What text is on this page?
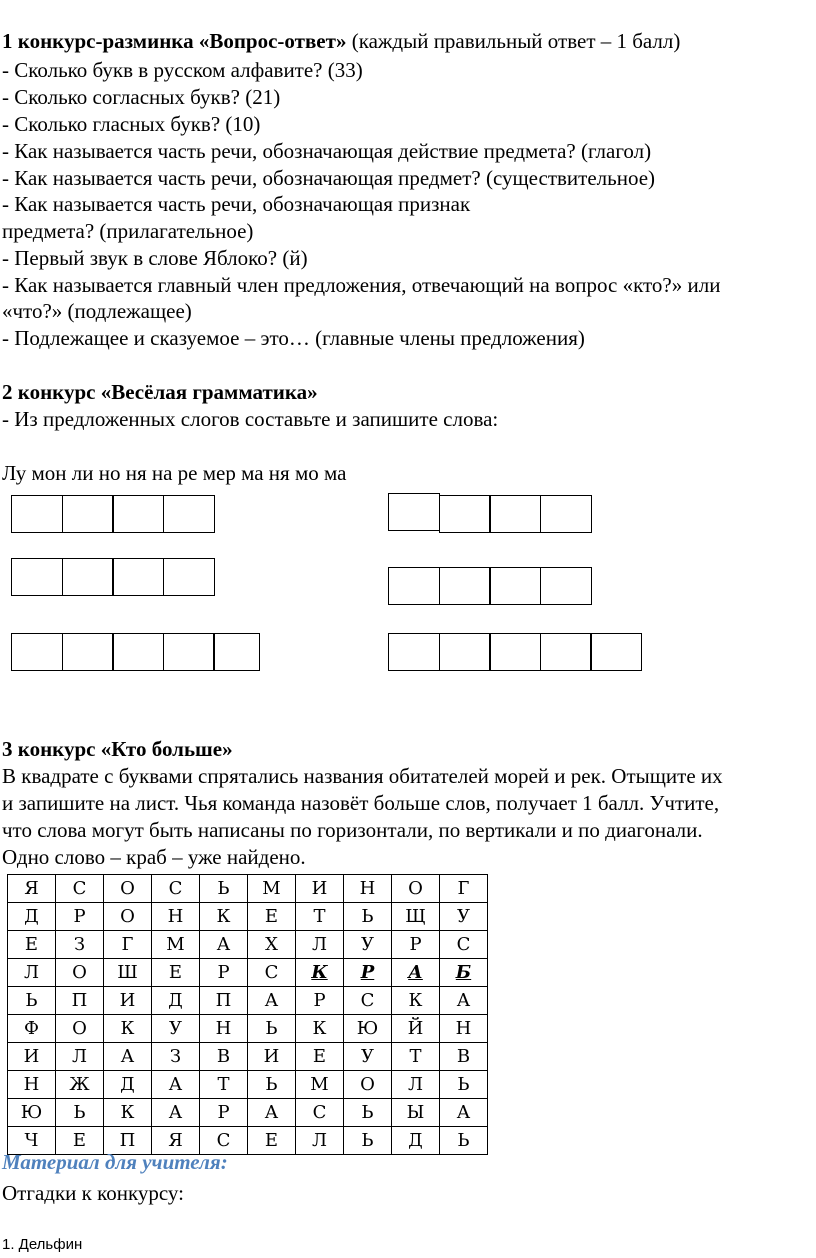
1 конкурс-разминка «Вопрос-ответ» (каждый правильный ответ – 1 балл)
- Сколько букв в русском алфавите? (33)
- Сколько согласных букв? (21)
- Сколько гласных букв? (10)
- Как называется часть речи, обозначающая действие предмета? (глагол)
- Как называется часть речи, обозначающая предмет? (существительное)
- Как называется часть речи, обозначающая признак
предмета? (прилагательное)
- Первый звук в слове Яблоко? (й)
- Как называется главный член предложения, отвечающий на вопрос «кто?» или
«что?» (подлежащее)
- Подлежащее и сказуемое – это… (главные члены предложения)
2 конкурс «Весёлая грамматика»
- Из предложенных слогов составьте и запишите слова:
Лу мон ли но ня на ре мер ма ня мо ма
3 конкурс «Кто больше»
В квадрате с буквами спрятались названия обитателей морей и рек. Отыщите их
и запишите на лист. Чья команда назовёт больше слов, получает 1 балл. Учтите,
что слова могут быть написаны по горизонтали, по вертикали и по диагонали.
Одно слово – краб – уже найдено.
Я	С	О	С	Ь	М	И	Н	О	Г
Д	Р	О	Н	К	Е	Т	Ь	Щ	У
Е	З	Г	М	А	Х	Л	У	Р	С
Л	О	Ш	Е	Р	С	К	Р	А	Б
Ь	П	И	Д	П	А	Р	С	К	А
Ф	О	К	У	Н	Ь	К	Ю	Й	Н
И	Л	А	З	В	И	Е	У	Т	В
Н	Ж	Д	А	Т	Ь	М	О	Л	Ь
Ю	Ь	К	А	Р	А	С	Ь	Ы	А
Ч	Е	П	Я	С	Е	Л	Ь	Д	Ь
Материал для учителя:
Отгадки к конкурсу:
1. Дельфин
